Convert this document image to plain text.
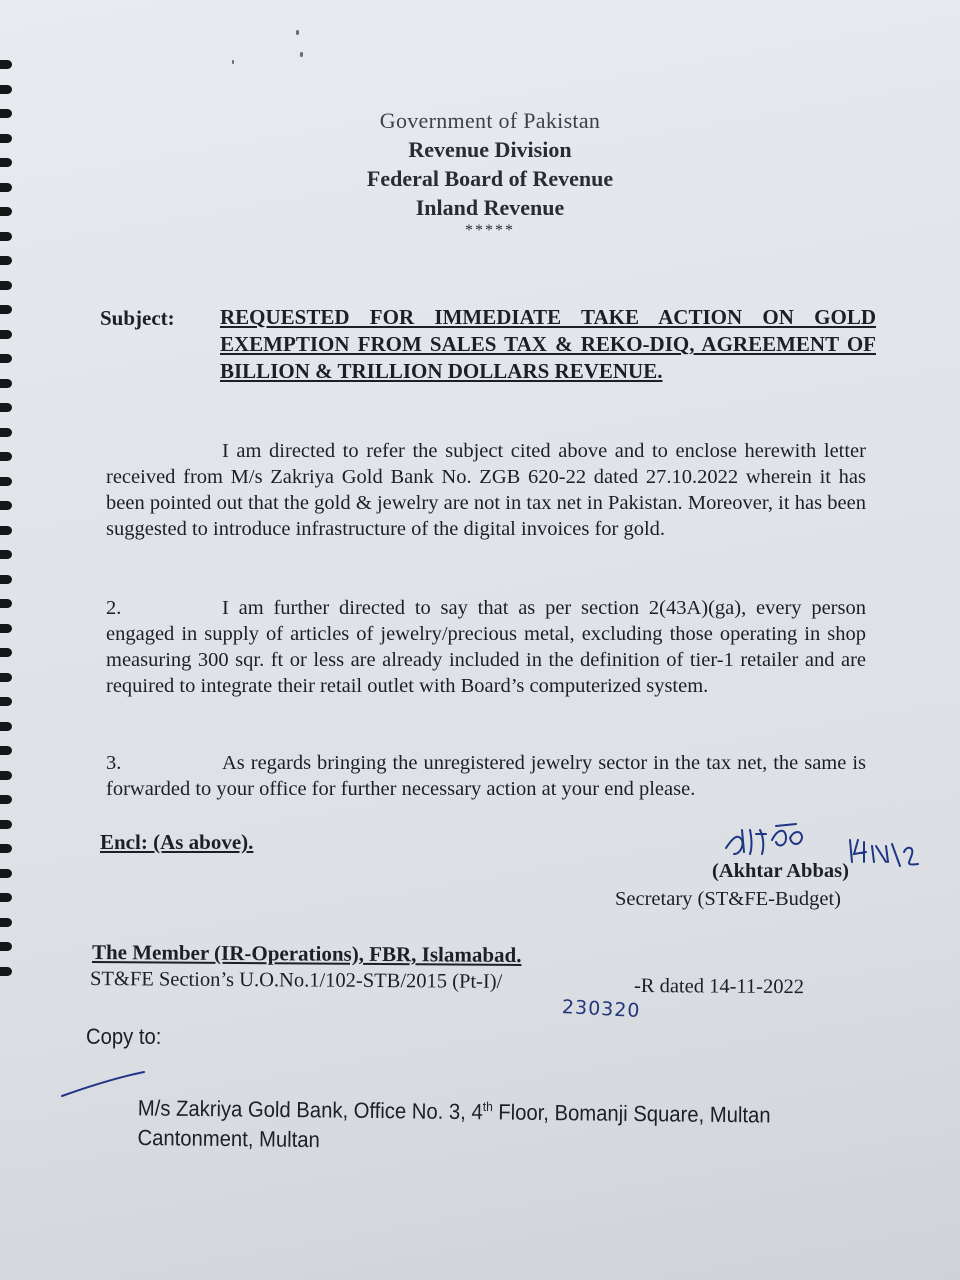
Government of Pakistan
Revenue Division
Federal Board of Revenue
Inland Revenue
*****
Subject: REQUESTED FOR IMMEDIATE TAKE ACTION ON GOLD EXEMPTION FROM SALES TAX & REKO-DIQ, AGREEMENT OF BILLION & TRILLION DOLLARS REVENUE.
I am directed to refer the subject cited above and to enclose herewith letter received from M/s Zakriya Gold Bank No. ZGB 620-22 dated 27.10.2022 wherein it has been pointed out that the gold & jewelry are not in tax net in Pakistan. Moreover, it has been suggested to introduce infrastructure of the digital invoices for gold.
2.	I am further directed to say that as per section 2(43A)(ga), every person engaged in supply of articles of jewelry/precious metal, excluding those operating in shop measuring 300 sqr. ft or less are already included in the definition of tier-1 retailer and are required to integrate their retail outlet with Board’s computerized system.
3.	As regards bringing the unregistered jewelry sector in the tax net, the same is forwarded to your office for further necessary action at your end please.
Encl: (As above).
(Akhtar Abbas)
Secretary (ST&FE-Budget)
The Member (IR-Operations), FBR, Islamabad.
ST&FE Section’s U.O.No.1/102-STB/2015 (Pt-I)/	-R dated 14-11-2022
230320
Copy to:
M/s Zakriya Gold Bank, Office No. 3, 4th Floor, Bomanji Square, Multan Cantonment, Multan
